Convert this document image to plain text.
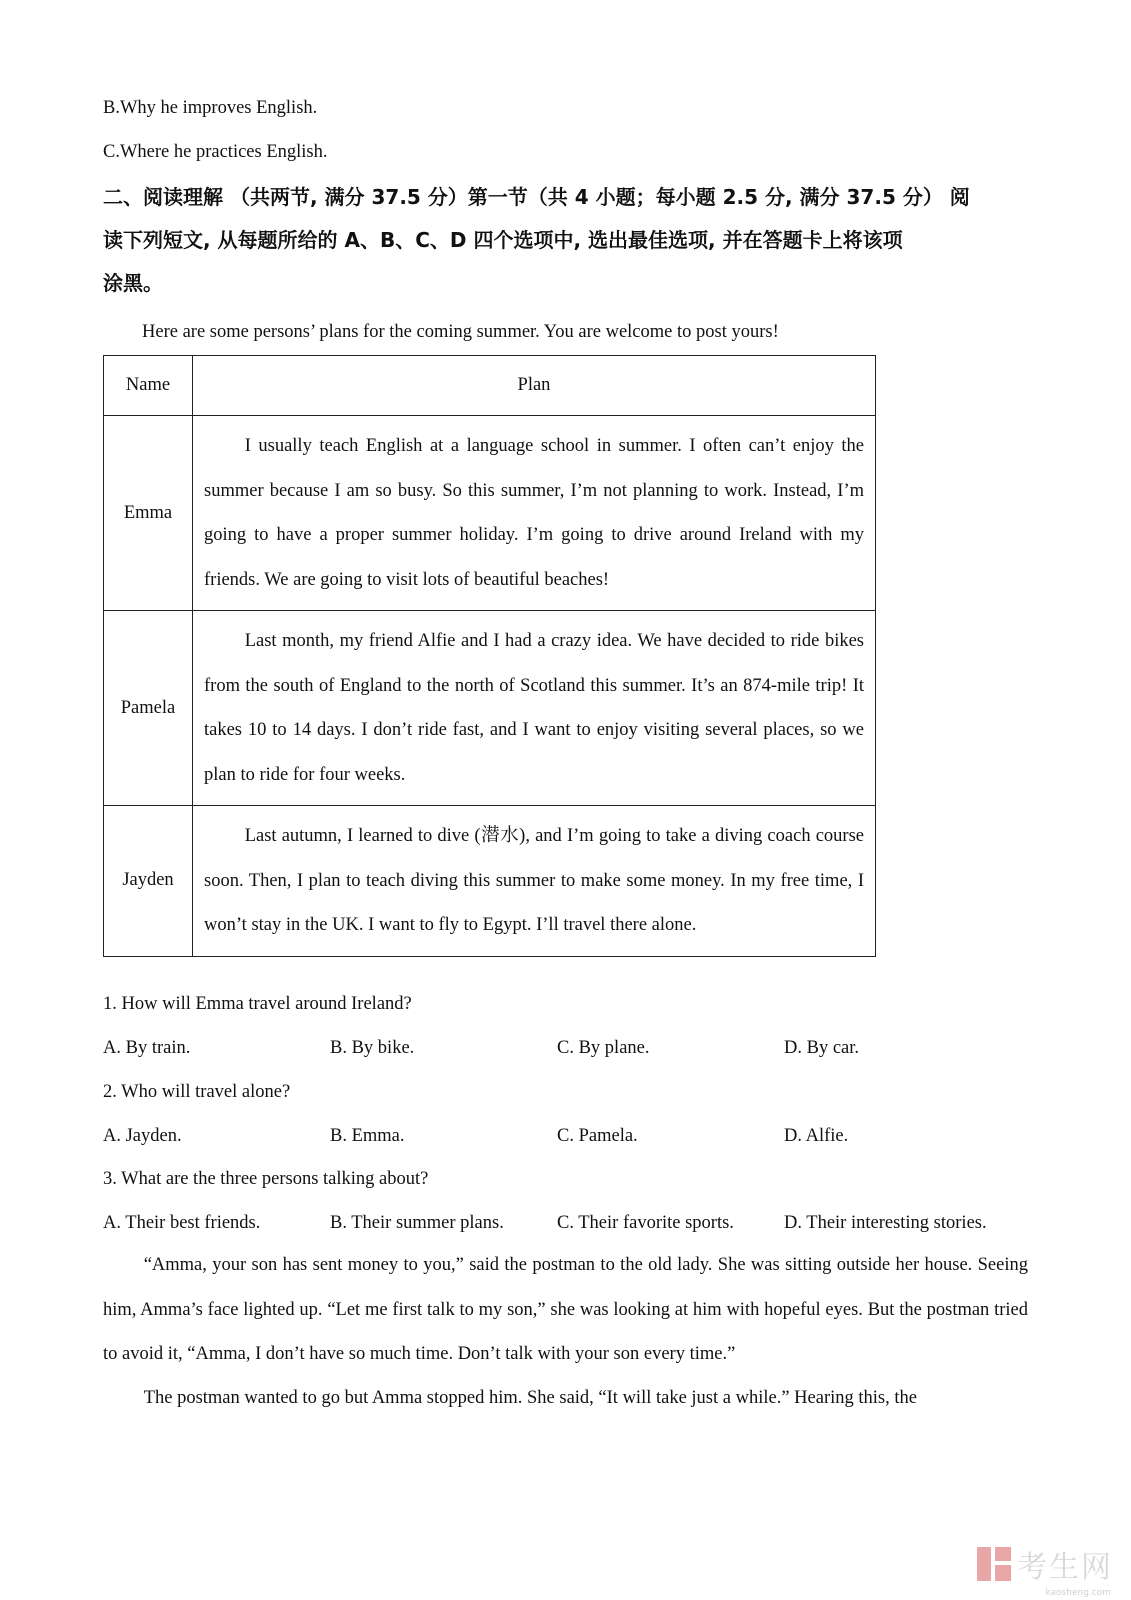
B.Why he improves English.
C.Where he practices English.
二、阅读理解 （共两节, 满分 37.5 分）第一节（共 4 小题；每小题 2.5 分, 满分 37.5 分） 阅
读下列短文, 从每题所给的 A、B、C、D 四个选项中, 选出最佳选项, 并在答题卡上将该项
涂黑。
Here are some persons’ plans for the coming summer. You are welcome to post yours!
Name	Plan
Emma	I usually teach English at a language school in summer. I often can’t enjoy the summer because I am so busy. So this summer, I’m not planning to work. Instead, I’m going to have a proper summer holiday. I’m going to drive around Ireland with my friends. We are going to visit lots of beautiful beaches!
Pamela	Last month, my friend Alfie and I had a crazy idea. We have decided to ride bikes from the south of England to the north of Scotland this summer. It’s an 874-mile trip! It takes 10 to 14 days. I don’t ride fast, and I want to enjoy visiting several places, so we plan to ride for four weeks.
Jayden	Last autumn, I learned to dive (潜水), and I’m going to take a diving coach course soon. Then, I plan to teach diving this summer to make some money. In my free time, I won’t stay in the UK. I want to fly to Egypt. I’ll travel there alone.
1. How will Emma travel around Ireland?
A. By train.	B. By bike.	C. By plane.	D. By car.
2. Who will travel alone?
A. Jayden.	B. Emma.	C. Pamela.	D. Alfie.
3. What are the three persons talking about?
A. Their best friends.	B. Their summer plans.	C. Their favorite sports.	D. Their interesting stories.
“Amma, your son has sent money to you,” said the postman to the old lady. She was sitting outside her house. Seeing him, Amma’s face lighted up. “Let me first talk to my son,” she was looking at him with hopeful eyes. But the postman tried to avoid it, “Amma, I don’t have so much time. Don’t talk with your son every time.”
The postman wanted to go but Amma stopped him. She said, “It will take just a while.” Hearing this, the
考生网
kaosheng.com
